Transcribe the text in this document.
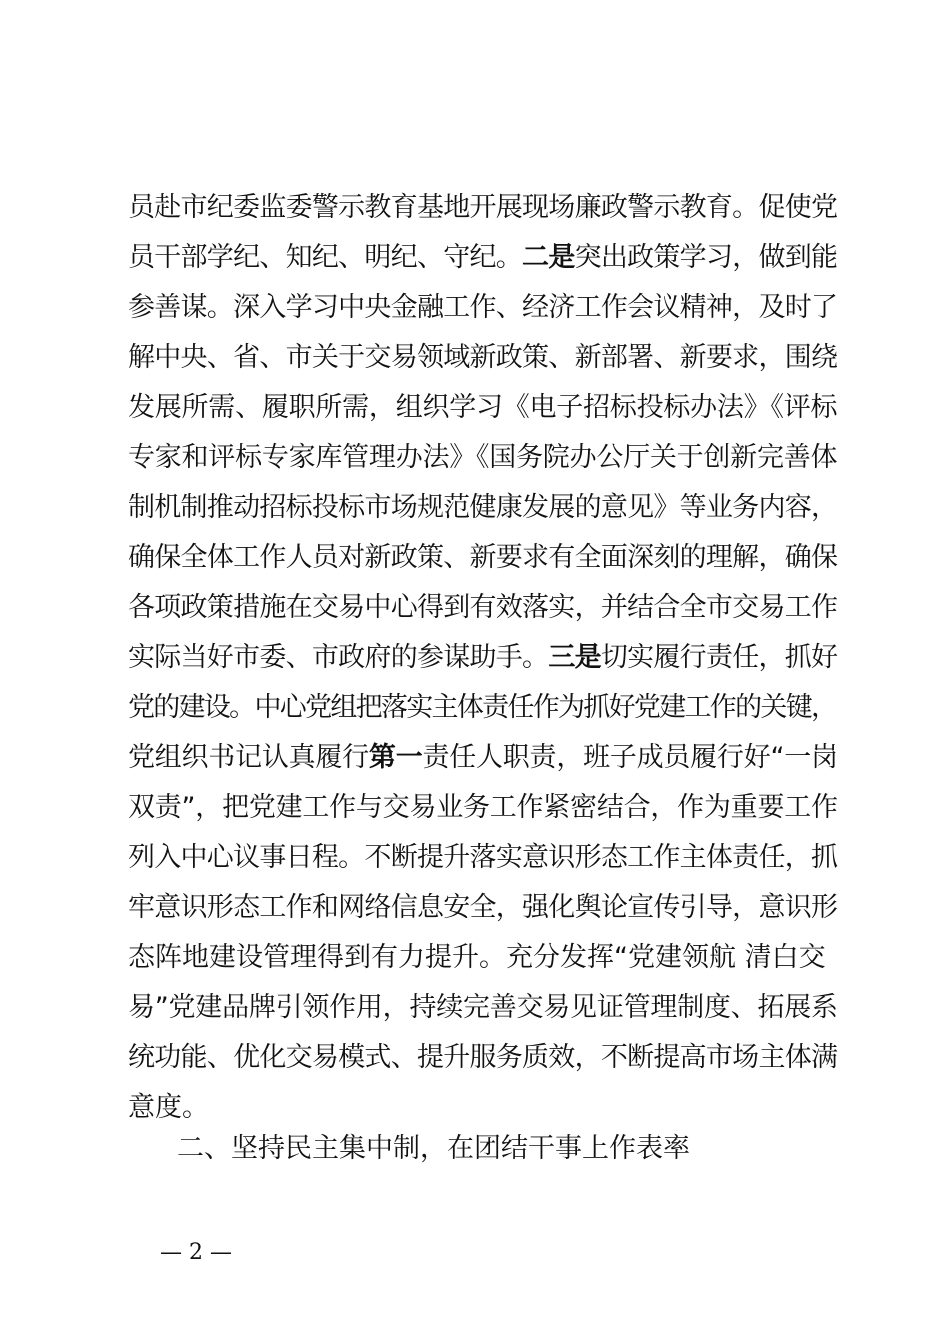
员赴市纪委监委警示教育基地开展现场廉政警示教育。促使党
员干部学纪、知纪、明纪、守纪。二是突出政策学习，做到能
参善谋。深入学习中央金融工作、经济工作会议精神，及时了
解中央、省、市关于交易领域新政策、新部署、新要求，围绕
发展所需、履职所需，组织学习《电子招标投标办法》《评标
专家和评标专家库管理办法》《国务院办公厅关于创新完善体
制机制推动招标投标市场规范健康发展的意见》等业务内容，
确保全体工作人员对新政策、新要求有全面深刻的理解，确保
各项政策措施在交易中心得到有效落实，并结合全市交易工作
实际当好市委、市政府的参谋助手。三是切实履行责任，抓好
党的建设。中心党组把落实主体责任作为抓好党建工作的关键，
党组织书记认真履行第一责任人职责，班子成员履行好“一岗
双责”，把党建工作与交易业务工作紧密结合，作为重要工作
列入中心议事日程。不断提升落实意识形态工作主体责任，抓
牢意识形态工作和网络信息安全，强化舆论宣传引导，意识形
态阵地建设管理得到有力提升。充分发挥“党建领航 清白交
易”党建品牌引领作用，持续完善交易见证管理制度、拓展系
统功能、优化交易模式、提升服务质效，不断提高市场主体满
意度。
二、坚持民主集中制，在团结干事上作表率
— 2 —
